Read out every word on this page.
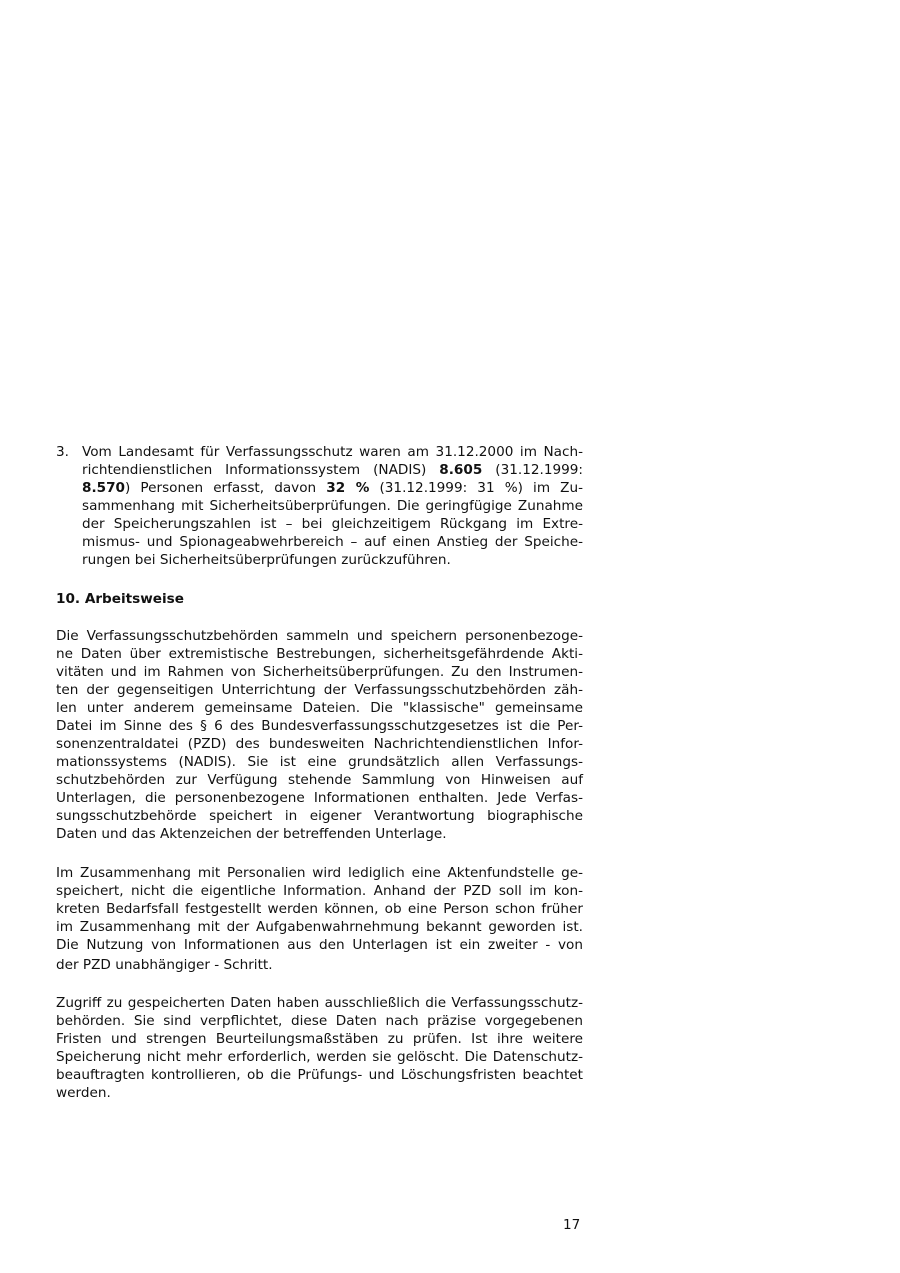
3. Vom Landesamt für Verfassungsschutz waren am 31.12.2000 im Nach-
richtendienstlichen Informationssystem (NADIS) 8.605 (31.12.1999:
8.570) Personen erfasst, davon 32 % (31.12.1999: 31 %) im Zu-
sammenhang mit Sicherheitsüberprüfungen. Die geringfügige Zunahme
der Speicherungszahlen ist – bei gleichzeitigem Rückgang im Extre-
mismus- und Spionageabwehrbereich – auf einen Anstieg der Speiche-
rungen bei Sicherheitsüberprüfungen zurückzuführen.
10. Arbeitsweise
Die Verfassungsschutzbehörden sammeln und speichern personenbezoge-
ne Daten über extremistische Bestrebungen, sicherheitsgefährdende Akti-
vitäten und im Rahmen von Sicherheitsüberprüfungen. Zu den Instrumen-
ten der gegenseitigen Unterrichtung der Verfassungsschutzbehörden zäh-
len unter anderem gemeinsame Dateien. Die "klassische" gemeinsame
Datei im Sinne des § 6 des Bundesverfassungsschutzgesetzes ist die Per-
sonenzentraldatei (PZD) des bundesweiten Nachrichtendienstlichen Infor-
mationssystems (NADIS). Sie ist eine grundsätzlich allen Verfassungs-
schutzbehörden zur Verfügung stehende Sammlung von Hinweisen auf
Unterlagen, die personenbezogene Informationen enthalten. Jede Verfas-
sungsschutzbehörde speichert in eigener Verantwortung biographische
Daten und das Aktenzeichen der betreffenden Unterlage.
Im Zusammenhang mit Personalien wird lediglich eine Aktenfundstelle ge-
speichert, nicht die eigentliche Information. Anhand der PZD soll im kon-
kreten Bedarfsfall festgestellt werden können, ob eine Person schon früher
im Zusammenhang mit der Aufgabenwahrnehmung bekannt geworden ist.
Die Nutzung von Informationen aus den Unterlagen ist ein zweiter - von
der PZD unabhängiger - Schritt.
Zugriff zu gespeicherten Daten haben ausschließlich die Verfassungsschutz-
behörden. Sie sind verpflichtet, diese Daten nach präzise vorgegebenen
Fristen und strengen Beurteilungsmaßstäben zu prüfen. Ist ihre weitere
Speicherung nicht mehr erforderlich, werden sie gelöscht. Die Datenschutz-
beauftragten kontrollieren, ob die Prüfungs- und Löschungsfristen beachtet
werden.
17
